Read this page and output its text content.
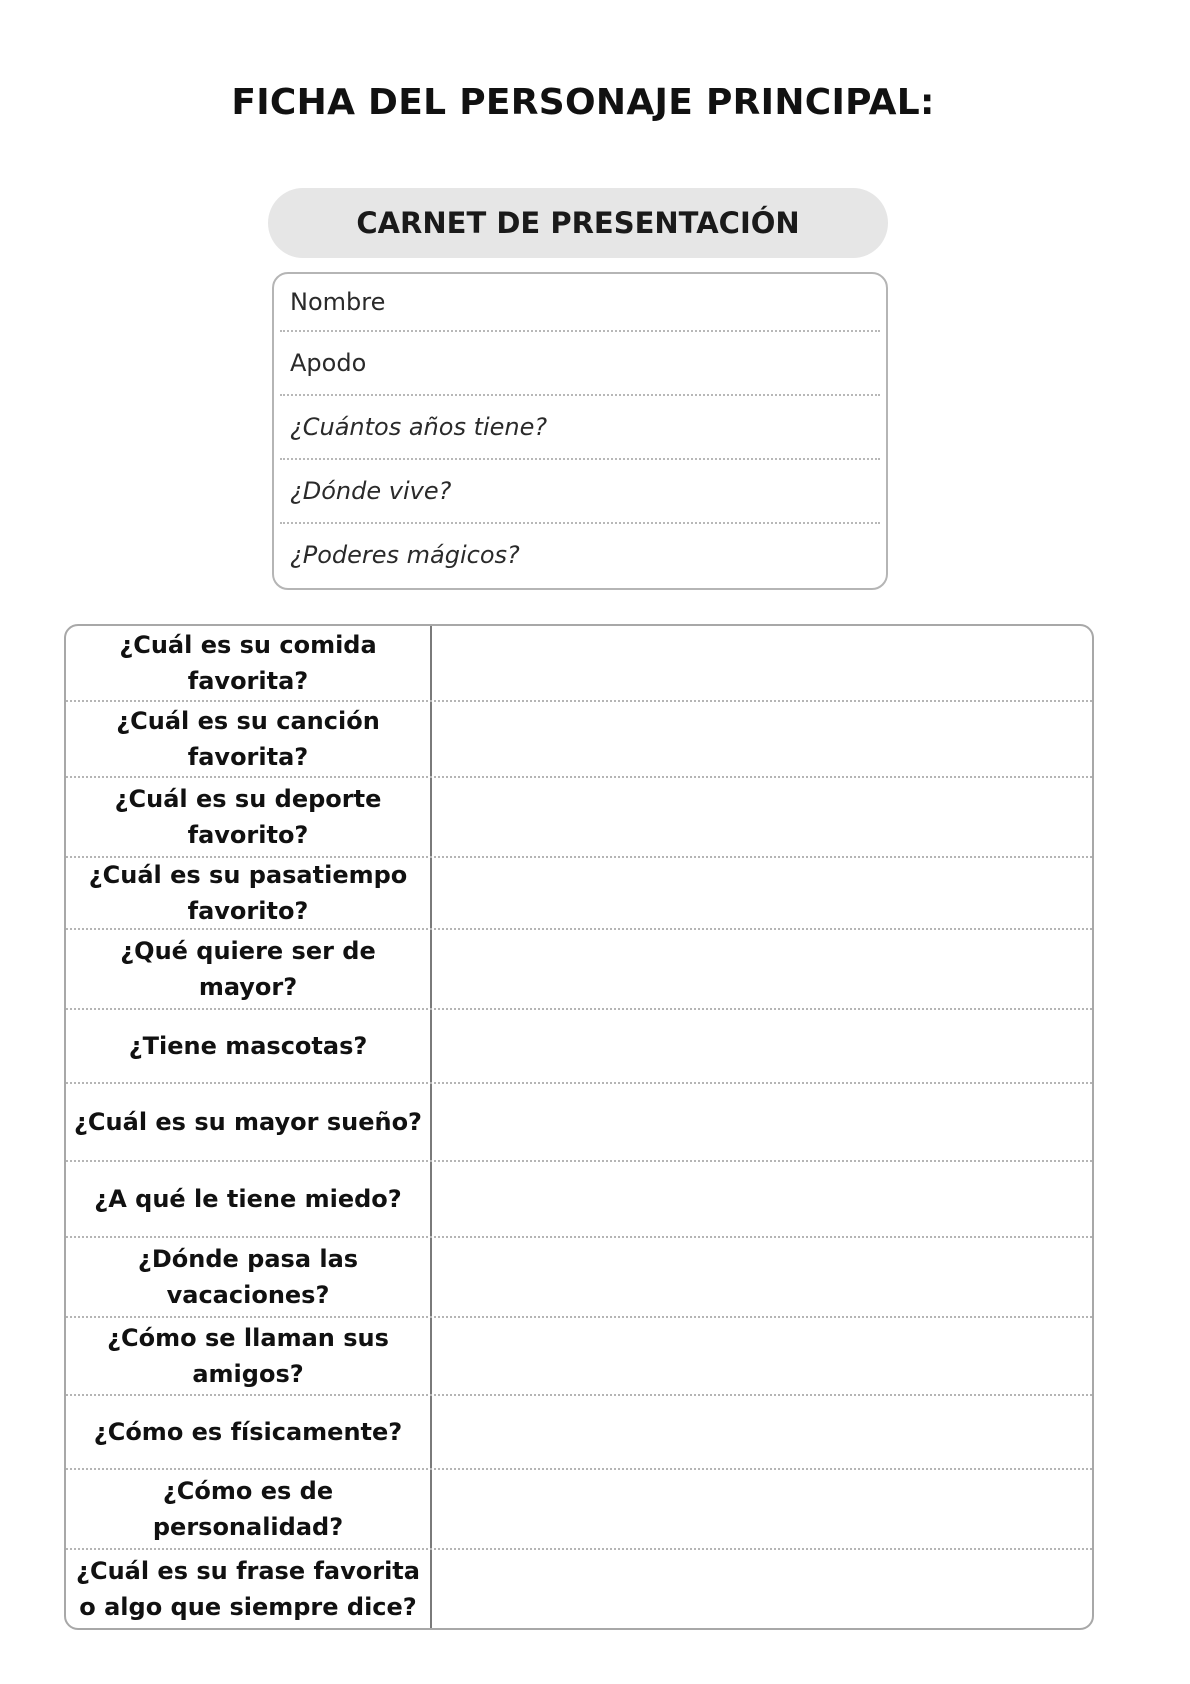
FICHA DEL PERSONAJE PRINCIPAL:
CARNET DE PRESENTACIÓN
Nombre
Apodo
¿Cuántos años tiene?
¿Dónde vive?
¿Poderes mágicos?
¿Cuál es su comida favorita?
¿Cuál es su canción favorita?
¿Cuál es su deporte favorito?
¿Cuál es su pasatiempo favorito?
¿Qué quiere ser de mayor?
¿Tiene mascotas?
¿Cuál es su mayor sueño?
¿A qué le tiene miedo?
¿Dónde pasa las vacaciones?
¿Cómo se llaman sus amigos?
¿Cómo es físicamente?
¿Cómo es de personalidad?
¿Cuál es su frase favorita o algo que siempre dice?
